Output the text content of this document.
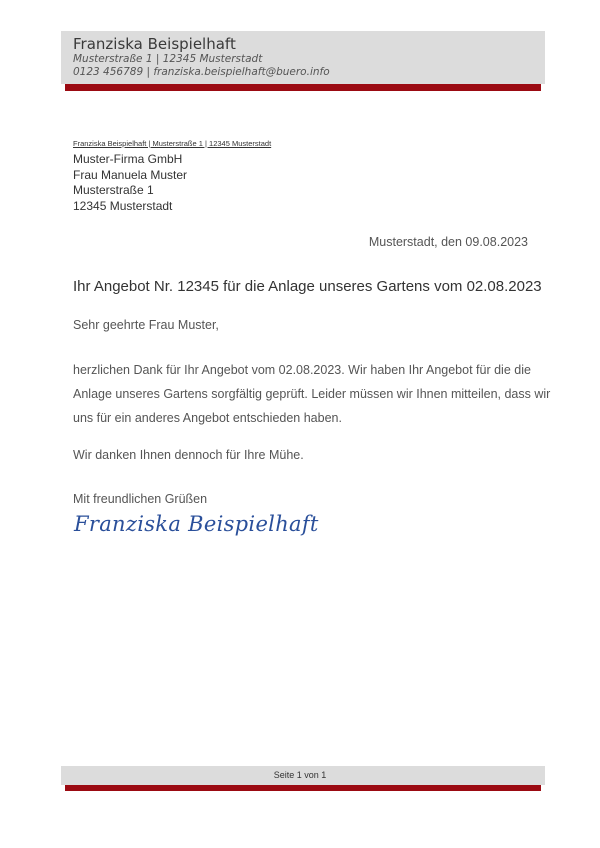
Franziska Beispielhaft
Musterstraße 1 | 12345 Musterstadt
0123 456789 | franziska.beispielhaft@buero.info
Franziska Beispielhaft | Musterstraße 1 | 12345 Musterstadt
Muster-Firma GmbH
Frau Manuela Muster
Musterstraße 1
12345 Musterstadt
Musterstadt, den 09.08.2023
Ihr Angebot Nr. 12345 für die Anlage unseres Gartens vom 02.08.2023
Sehr geehrte Frau Muster,
herzlichen Dank für Ihr Angebot vom 02.08.2023. Wir haben Ihr Angebot für die die
Anlage unseres Gartens sorgfältig geprüft. Leider müssen wir Ihnen mitteilen, dass wir
uns für ein anderes Angebot entschieden haben.
Wir danken Ihnen dennoch für Ihre Mühe.
Mit freundlichen Grüßen
Franziska Beispielhaft
Seite 1 von 1
